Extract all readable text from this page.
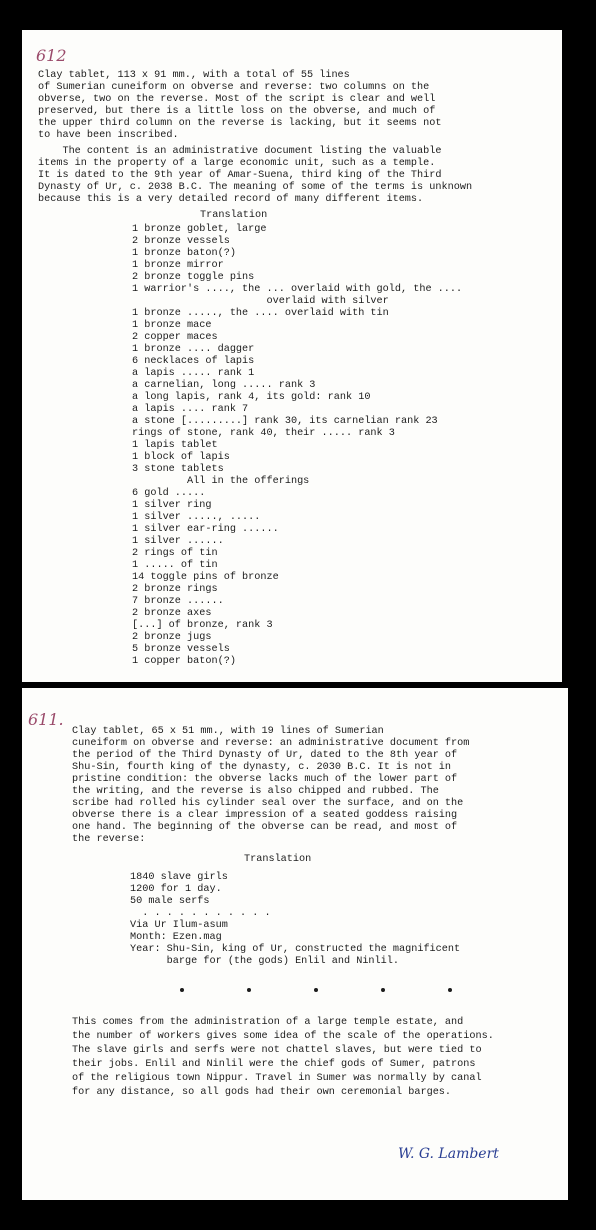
612
Clay tablet, 113 x 91 mm., with a total of 55 lines
of Sumerian cuneiform on obverse and reverse: two columns on the
obverse, two on the reverse. Most of the script is clear and well
preserved, but there is a little loss on the obverse, and much of
the upper third column on the reverse is lacking, but it seems not
to have been inscribed.
The content is an administrative document listing the valuable
items in the property of a large economic unit, such as a temple.
It is dated to the 9th year of Amar-Suena, third king of the Third
Dynasty of Ur, c. 2038 B.C. The meaning of some of the terms is unknown
because this is a very detailed record of many different items.
Translation
1 bronze goblet, large
2 bronze vessels
1 bronze baton(?)
1 bronze mirror
2 bronze toggle pins
1 warrior's ...., the ... overlaid with gold, the ....
overlaid with silver
1 bronze ....., the .... overlaid with tin
1 bronze mace
2 copper maces
1 bronze .... dagger
6 necklaces of lapis
a lapis ..... rank 1
a carnelian, long ..... rank 3
a long lapis, rank 4, its gold: rank 10
a lapis .... rank 7
a stone [.........] rank 30, its carnelian rank 23
rings of stone, rank 40, their ..... rank 3
1 lapis tablet
1 block of lapis
3 stone tablets
All in the offerings
6 gold .....
1 silver ring
1 silver ....., .....
1 silver ear-ring ......
1 silver ......
2 rings of tin
1 ..... of tin
14 toggle pins of bronze
2 bronze rings
7 bronze ......
2 bronze axes
[...] of bronze, rank 3
2 bronze jugs
5 bronze vessels
1 copper baton(?)
611.
Clay tablet, 65 x 51 mm., with 19 lines of Sumerian
cuneiform on obverse and reverse: an administrative document from
the period of the Third Dynasty of Ur, dated to the 8th year of
Shu-Sin, fourth king of the dynasty, c. 2030 B.C. It is not in
pristine condition: the obverse lacks much of the lower part of
the writing, and the reverse is also chipped and rubbed. The
scribe had rolled his cylinder seal over the surface, and on the
obverse there is a clear impression of a seated goddess raising
one hand. The beginning of the obverse can be read, and most of
the reverse:
Translation
1840 slave girls
1200 for 1 day.
50 male serfs
. . . . . . . . . . .
Via Ur Ilum-asum
Month: Ezen.mag
Year: Shu-Sin, king of Ur, constructed the magnificent
barge for (the gods) Enlil and Ninlil.
This comes from the administration of a large temple estate, and
the number of workers gives some idea of the scale of the operations.
The slave girls and serfs were not chattel slaves, but were tied to
their jobs. Enlil and Ninlil were the chief gods of Sumer, patrons
of the religious town Nippur. Travel in Sumer was normally by canal
for any distance, so all gods had their own ceremonial barges.
W. G. Lambert
